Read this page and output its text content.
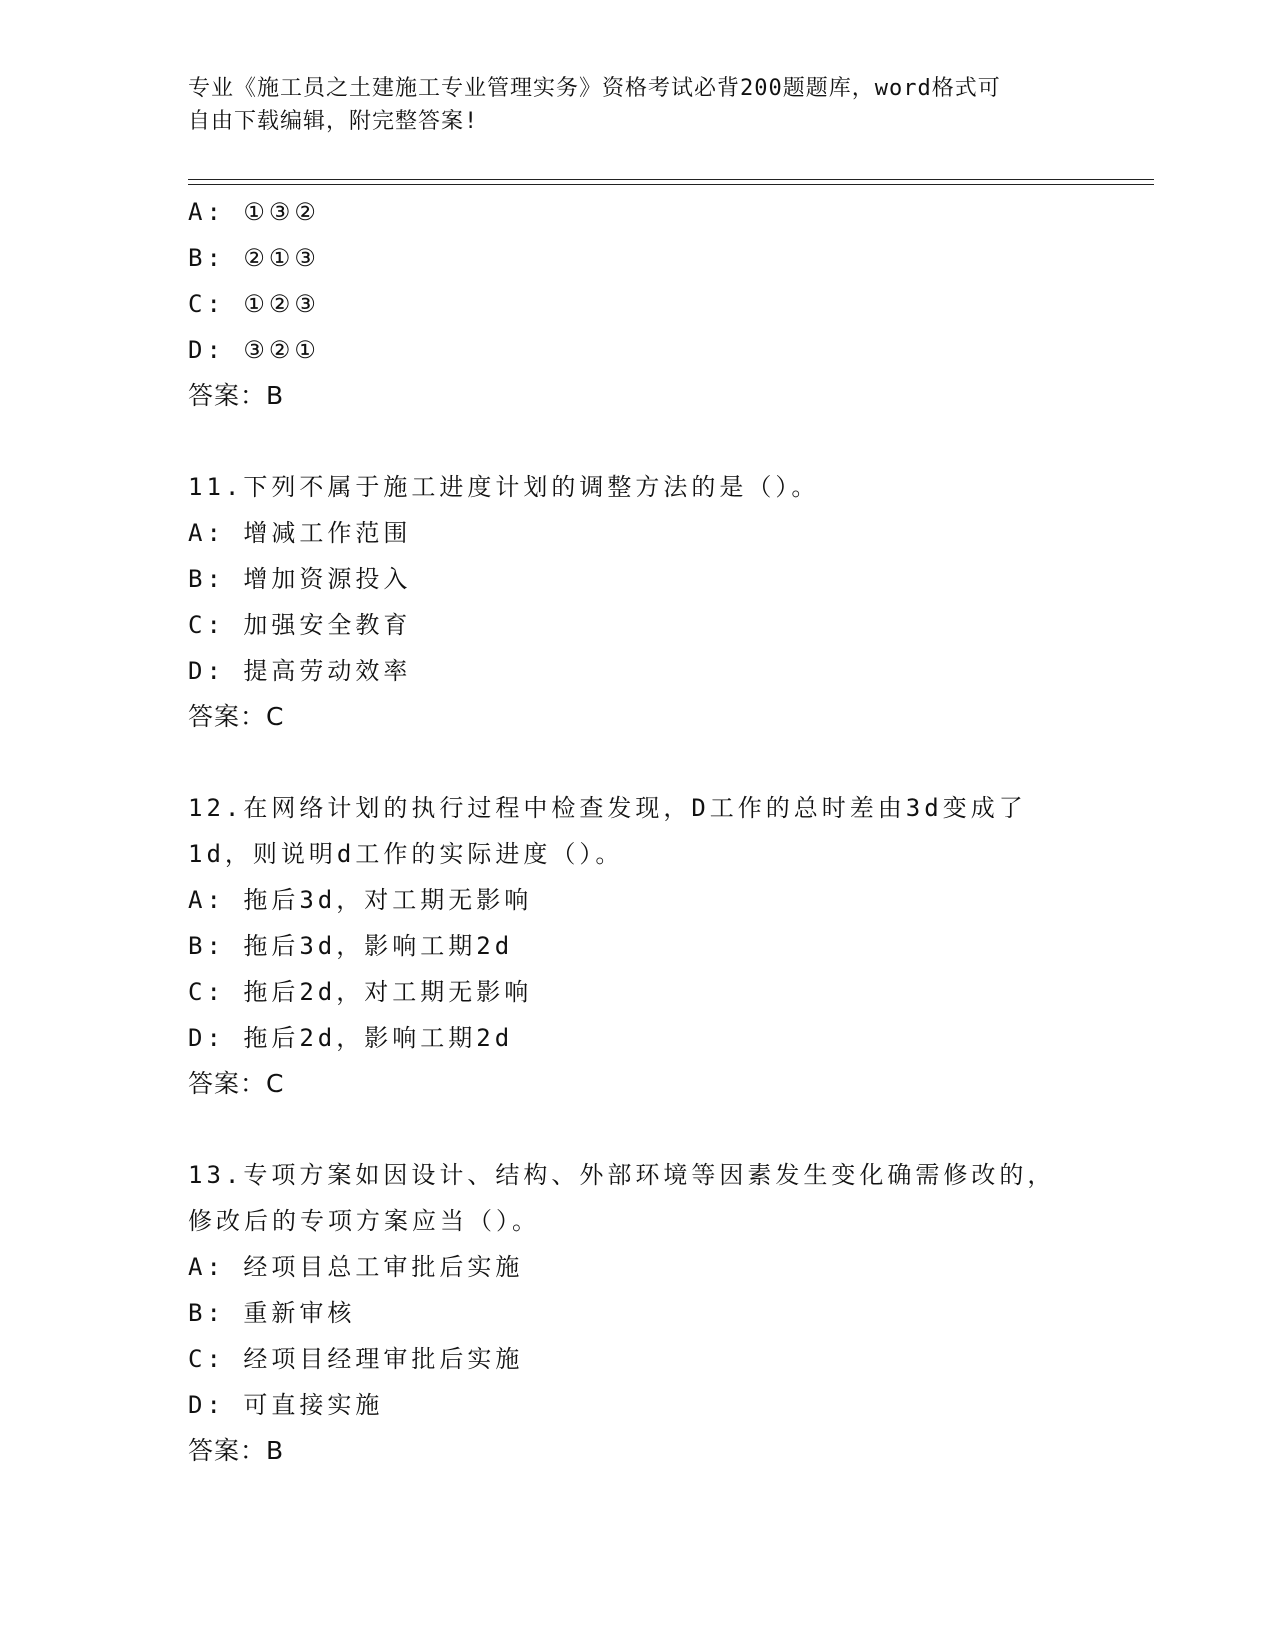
专业《施工员之土建施工专业管理实务》资格考试必背200题题库，word格式可
自由下载编辑，附完整答案!
A: ①③②
B: ②①③
C: ①②③
D: ③②①
答案：B
11.下列不属于施工进度计划的调整方法的是（）。
A: 增减工作范围
B: 增加资源投入
C: 加强安全教育
D: 提高劳动效率
答案：C
12.在网络计划的执行过程中检查发现，D工作的总时差由3d变成了
1d，则说明d工作的实际进度（）。
A: 拖后3d，对工期无影响
B: 拖后3d，影响工期2d
C: 拖后2d，对工期无影响
D: 拖后2d，影响工期2d
答案：C
13.专项方案如因设计、结构、外部环境等因素发生变化确需修改的，
修改后的专项方案应当（）。
A: 经项目总工审批后实施
B: 重新审核
C: 经项目经理审批后实施
D: 可直接实施
答案：B
